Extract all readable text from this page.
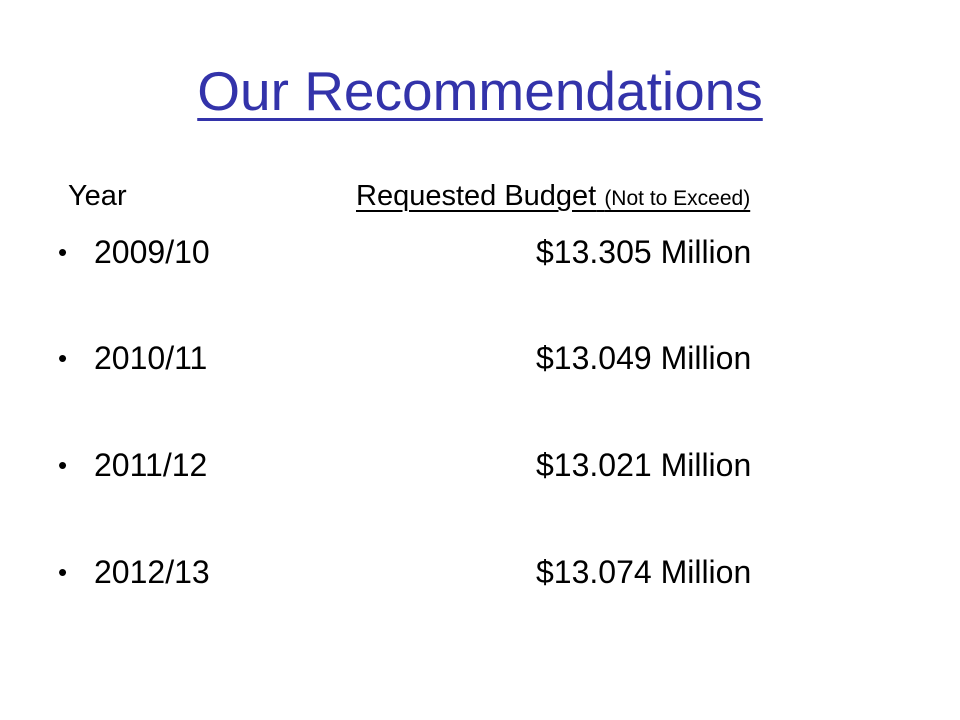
Our Recommendations
Year	Requested Budget (Not to Exceed)
• 2009/10	$13.305 Million
• 2010/11	$13.049 Million
• 2011/12	$13.021 Million
• 2012/13	$13.074 Million
